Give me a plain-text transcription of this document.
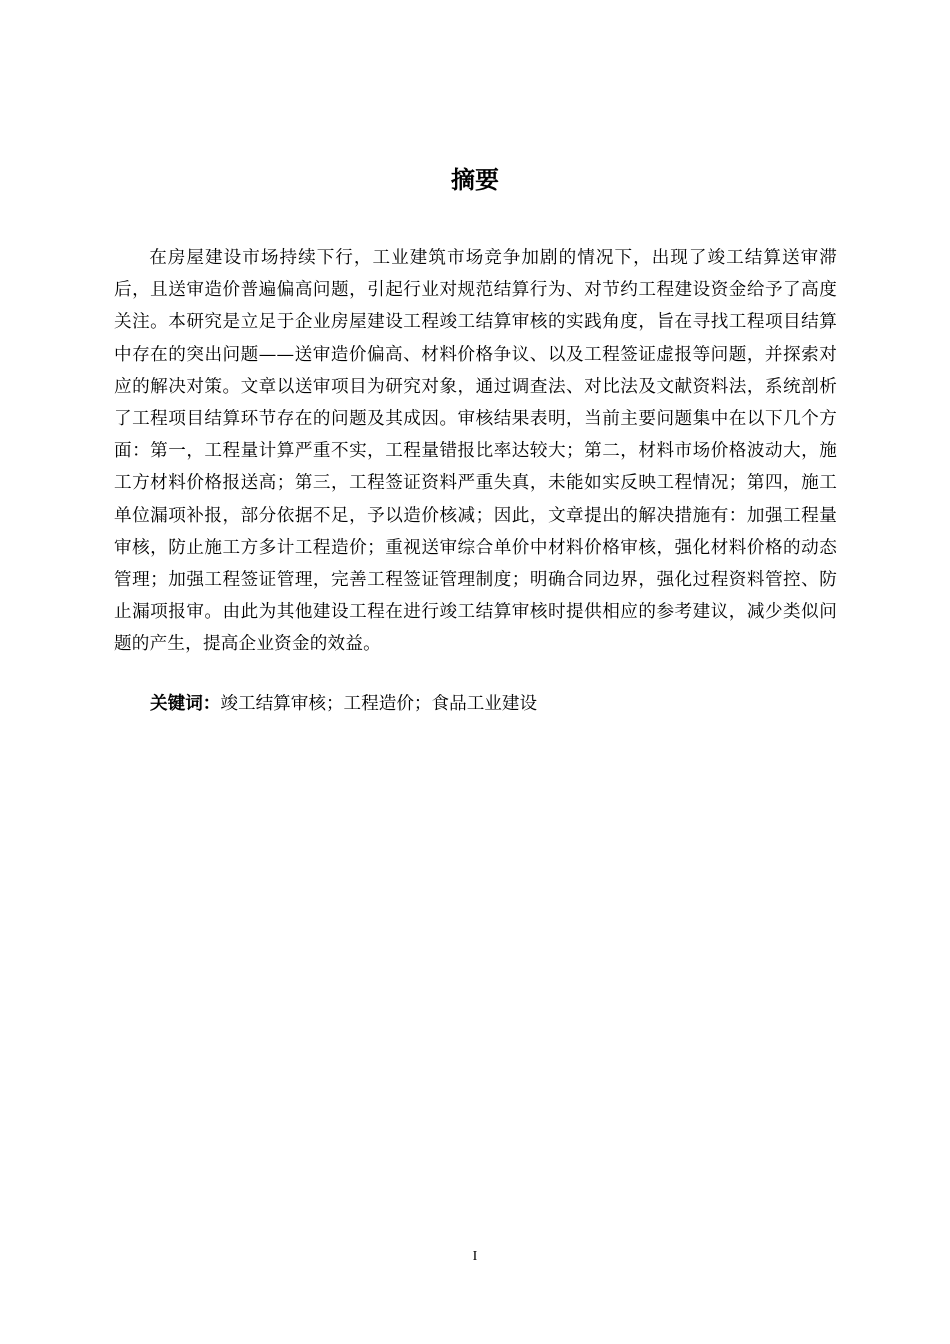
摘要

在房屋建设市场持续下行，工业建筑市场竞争加剧的情况下，出现了竣工结算送审滞后，且送审造价普遍偏高问题，引起行业对规范结算行为、对节约工程建设资金给予了高度关注。本研究是立足于企业房屋建设工程竣工结算审核的实践角度，旨在寻找工程项目结算中存在的突出问题——送审造价偏高、材料价格争议、以及工程签证虚报等问题，并探索对应的解决对策。文章以送审项目为研究对象，通过调查法、对比法及文献资料法，系统剖析了工程项目结算环节存在的问题及其成因。审核结果表明，当前主要问题集中在以下几个方面：第一，工程量计算严重不实，工程量错报比率达较大；第二，材料市场价格波动大，施工方材料价格报送高；第三，工程签证资料严重失真，未能如实反映工程情况；第四，施工单位漏项补报，部分依据不足，予以造价核减；因此，文章提出的解决措施有：加强工程量审核，防止施工方多计工程造价；重视送审综合单价中材料价格审核，强化材料价格的动态管理；加强工程签证管理，完善工程签证管理制度；明确合同边界，强化过程资料管控、防止漏项报审。由此为其他建设工程在进行竣工结算审核时提供相应的参考建议，减少类似问题的产生，提高企业资金的效益。

关键词：竣工结算审核；工程造价；食品工业建设

I
